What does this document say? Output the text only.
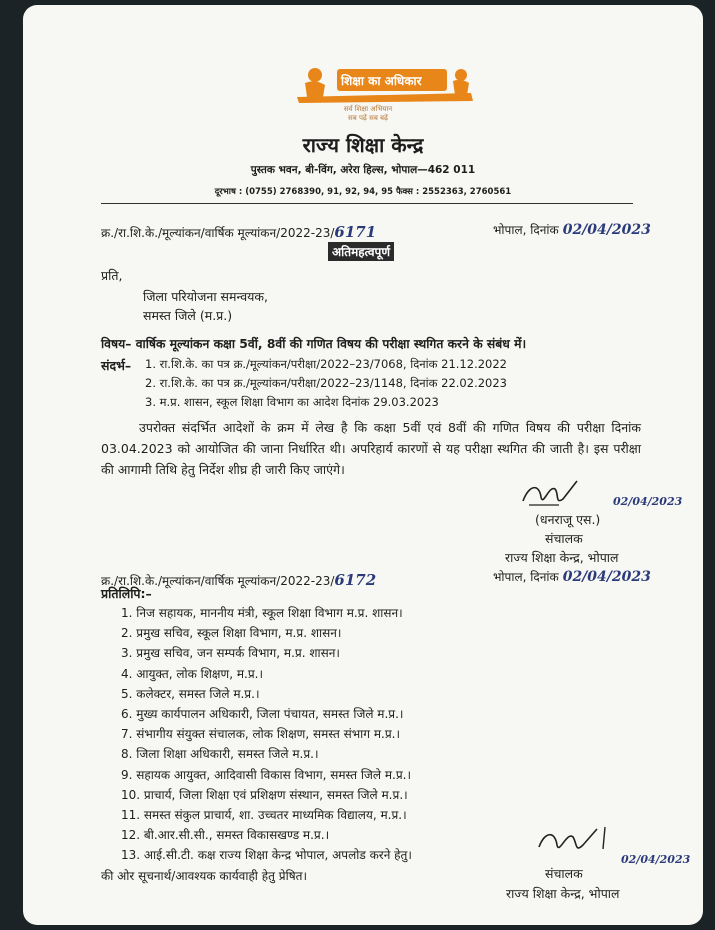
शिक्षा का अधिकार
सर्व शिक्षा अभियान
सब पढ़ें सब बढ़ें
राज्य शिक्षा केन्द्र
पुस्तक भवन, बी-विंग, अरेरा हिल्स, भोपाल—462 011
दूरभाष : (0755) 2768390, 91, 92, 94, 95 फैक्स : 2552363, 2760561
क्र./रा.शि.के./मूल्यांकन/वार्षिक मूल्यांकन/2022-23/6171	भोपाल, दिनांक 02/04/2023
अतिमहत्वपूर्ण
प्रति,
जिला परियोजना समन्वयक,
समस्त जिले (म.प्र.)
विषय– वार्षिक मूल्यांकन कक्षा 5वीं, 8वीं की गणित विषय की परीक्षा स्थगित करने के संबंध में।
संदर्भ– 1. रा.शि.के. का पत्र क्र./मूल्यांकन/परीक्षा/2022–23/7068, दिनांक 21.12.2022
2. रा.शि.के. का पत्र क्र./मूल्यांकन/परीक्षा/2022–23/1148, दिनांक 22.02.2023
3. म.प्र. शासन, स्कूल शिक्षा विभाग का आदेश दिनांक 29.03.2023
उपरोक्त संदर्भित आदेशों के क्रम में लेख है कि कक्षा 5वीं एवं 8वीं की गणित विषय की परीक्षा दिनांक 03.04.2023 को आयोजित की जाना निर्धारित थी। अपरिहार्य कारणों से यह परीक्षा स्थगित की जाती है। इस परीक्षा की आगामी तिथि हेतु निर्देश शीघ्र ही जारी किए जाएंगे।
(धनराजू एस.)
02/04/2023
संचालक
राज्य शिक्षा केन्द्र, भोपाल
क्र./रा.शि.के./मूल्यांकन/वार्षिक मूल्यांकन/2022-23/6172	भोपाल, दिनांक 02/04/2023
प्रतिलिपि:–
1. निज सहायक, माननीय मंत्री, स्कूल शिक्षा विभाग म.प्र. शासन।
2. प्रमुख सचिव, स्कूल शिक्षा विभाग, म.प्र. शासन।
3. प्रमुख सचिव, जन सम्पर्क विभाग, म.प्र. शासन।
4. आयुक्त, लोक शिक्षण, म.प्र.।
5. कलेक्टर, समस्त जिले म.प्र.।
6. मुख्य कार्यपालन अधिकारी, जिला पंचायत, समस्त जिले म.प्र.।
7. संभागीय संयुक्त संचालक, लोक शिक्षण, समस्त संभाग म.प्र.।
8. जिला शिक्षा अधिकारी, समस्त जिले म.प्र.।
9. सहायक आयुक्त, आदिवासी विकास विभाग, समस्त जिले म.प्र.।
10. प्राचार्य, जिला शिक्षा एवं प्रशिक्षण संस्थान, समस्त जिले म.प्र.।
11. समस्त संकुल प्राचार्य, शा. उच्चतर माध्यमिक विद्यालय, म.प्र.।
12. बी.आर.सी.सी., समस्त विकासखण्ड म.प्र.।
13. आई.सी.टी. कक्ष राज्य शिक्षा केन्द्र भोपाल, अपलोड करने हेतु।
की ओर सूचनार्थ/आवश्यक कार्यवाही हेतु प्रेषित।
02/04/2023
संचालक
राज्य शिक्षा केन्द्र, भोपाल
